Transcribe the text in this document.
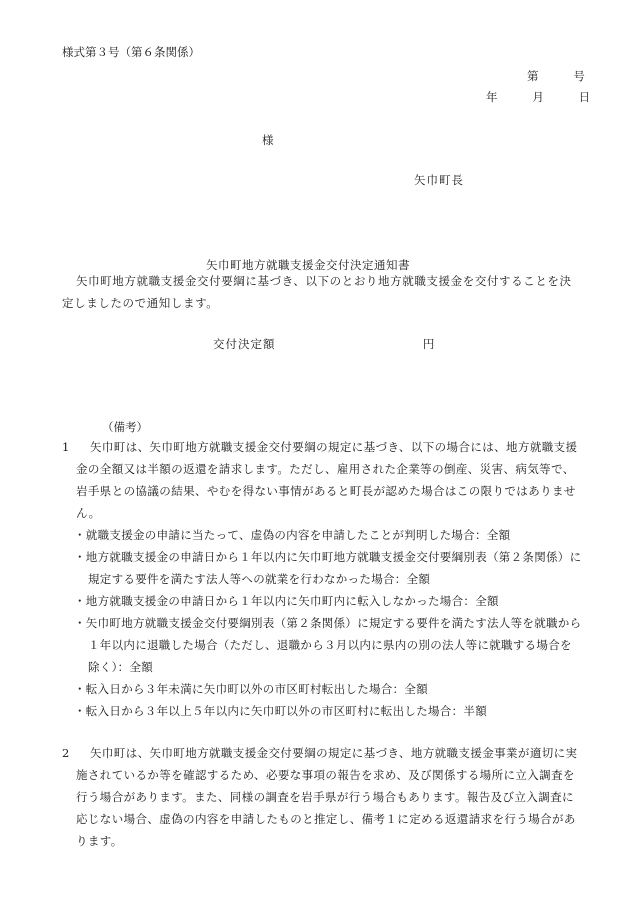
様式第３号（第６条関係）
第	号
年	月	日
様
矢巾町長
矢巾町地方就職支援金交付決定通知書
矢巾町地方就職支援金交付要綱に基づき、以下のとおり地方就職支援金を交付することを決定しましたので通知します。
交付決定額	円
（備考）
1	矢巾町は、矢巾町地方就職支援金交付要綱の規定に基づき、以下の場合には、地方就職支援金の全額又は半額の返還を請求します。ただし、雇用された企業等の倒産、災害、病気等で、岩手県との協議の結果、やむを得ない事情があると町長が認めた場合はこの限りではありません。
・就職支援金の申請に当たって、虚偽の内容を申請したことが判明した場合：全額
・地方就職支援金の申請日から１年以内に矢巾町地方就職支援金交付要綱別表（第２条関係）に規定する要件を満たす法人等への就業を行わなかった場合：全額
・地方就職支援金の申請日から１年以内に矢巾町内に転入しなかった場合：全額
・矢巾町地方就職支援金交付要綱別表（第２条関係）に規定する要件を満たす法人等を就職から１年以内に退職した場合（ただし、退職から３月以内に県内の別の法人等に就職する場合を除く）：全額
・転入日から３年未満に矢巾町以外の市区町村転出した場合：全額
・転入日から３年以上５年以内に矢巾町以外の市区町村に転出した場合：半額
2	矢巾町は、矢巾町地方就職支援金交付要綱の規定に基づき、地方就職支援金事業が適切に実施されているか等を確認するため、必要な事項の報告を求め、及び関係する場所に立入調査を行う場合があります。また、同様の調査を岩手県が行う場合もあります。報告及び立入調査に応じない場合、虚偽の内容を申請したものと推定し、備考１に定める返還請求を行う場合があります。
